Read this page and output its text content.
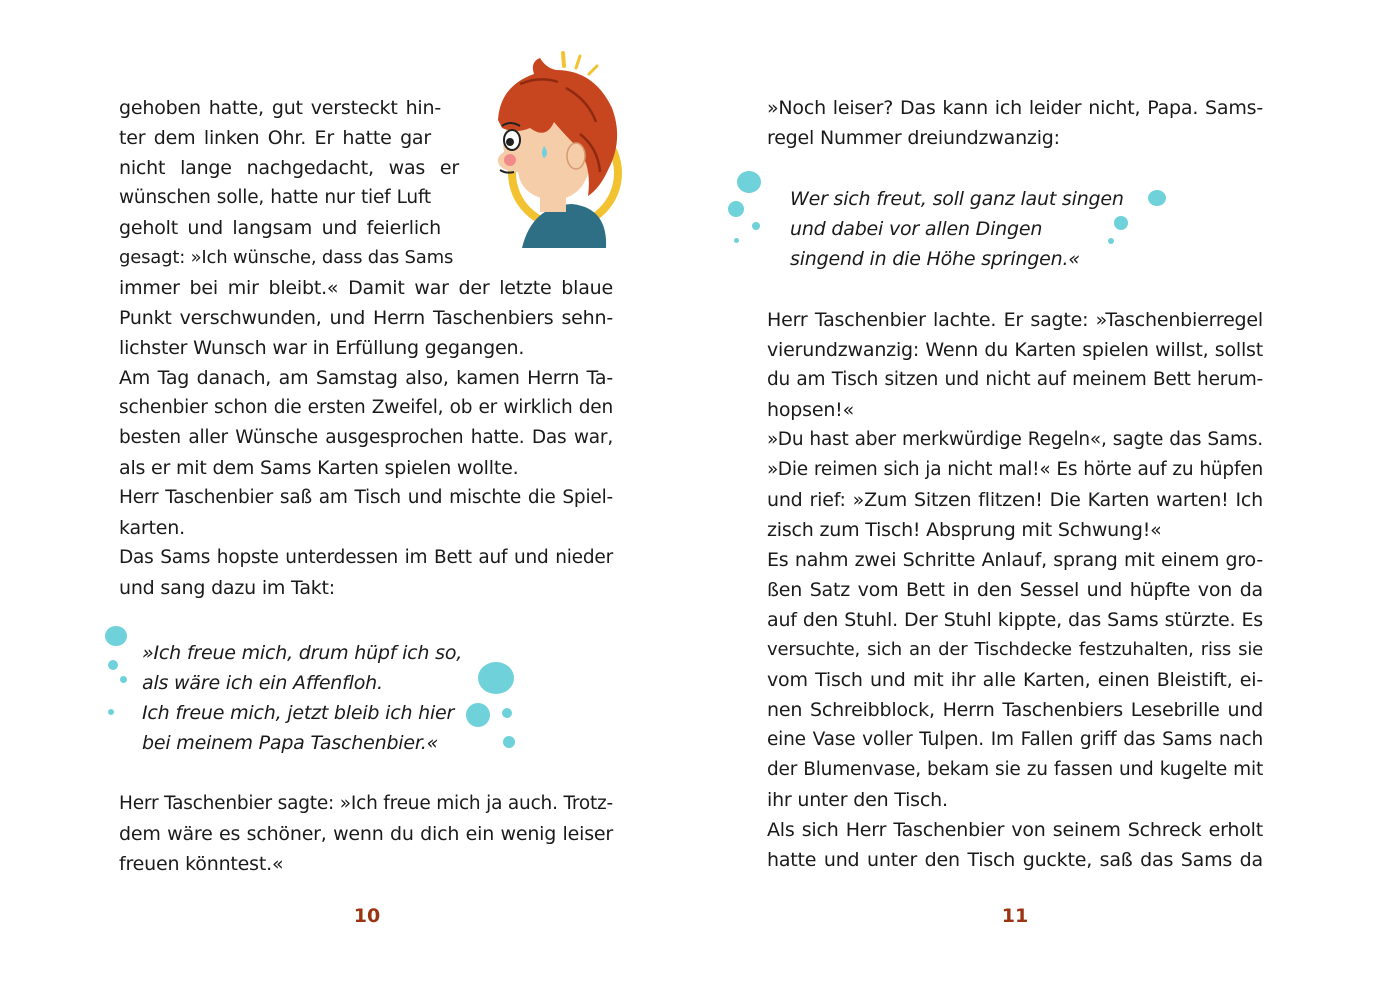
gehoben hatte, gut versteckt hin-
ter dem linken Ohr. Er hatte gar
nicht lange nachgedacht, was er
wünschen solle, hatte nur tief Luft
geholt und langsam und feierlich
gesagt: »Ich wünsche, dass das Sams
immer bei mir bleibt.« Damit war der letzte blaue
Punkt verschwunden, und Herrn Taschenbiers sehn-
lichster Wunsch war in Erfüllung gegangen.
Am Tag danach, am Samstag also, kamen Herrn Ta-
schenbier schon die ersten Zweifel, ob er wirklich den
besten aller Wünsche ausgesprochen hatte. Das war,
als er mit dem Sams Karten spielen wollte.
Herr Taschenbier saß am Tisch und mischte die Spiel-
karten.
Das Sams hopste unterdessen im Bett auf und nieder
und sang dazu im Takt:
»Ich freue mich, drum hüpf ich so,
als wäre ich ein Affenfloh.
Ich freue mich, jetzt bleib ich hier
bei meinem Papa Taschenbier.«
Herr Taschenbier sagte: »Ich freue mich ja auch. Trotz-
dem wäre es schöner, wenn du dich ein wenig leiser
freuen könntest.«
10
»Noch leiser? Das kann ich leider nicht, Papa. Sams-
regel Nummer dreiundzwanzig:
Wer sich freut, soll ganz laut singen
und dabei vor allen Dingen
singend in die Höhe springen.«
Herr Taschenbier lachte. Er sagte: »Taschenbierregel
vierundzwanzig: Wenn du Karten spielen willst, sollst
du am Tisch sitzen und nicht auf meinem Bett herum-
hopsen!«
»Du hast aber merkwürdige Regeln«, sagte das Sams.
»Die reimen sich ja nicht mal!« Es hörte auf zu hüpfen
und rief: »Zum Sitzen flitzen! Die Karten warten! Ich
zisch zum Tisch! Absprung mit Schwung!«
Es nahm zwei Schritte Anlauf, sprang mit einem gro-
ßen Satz vom Bett in den Sessel und hüpfte von da
auf den Stuhl. Der Stuhl kippte, das Sams stürzte. Es
versuchte, sich an der Tischdecke festzuhalten, riss sie
vom Tisch und mit ihr alle Karten, einen Bleistift, ei-
nen Schreibblock, Herrn Taschenbiers Lesebrille und
eine Vase voller Tulpen. Im Fallen griff das Sams nach
der Blumenvase, bekam sie zu fassen und kugelte mit
ihr unter den Tisch.
Als sich Herr Taschenbier von seinem Schreck erholt
hatte und unter den Tisch guckte, saß das Sams da
11
